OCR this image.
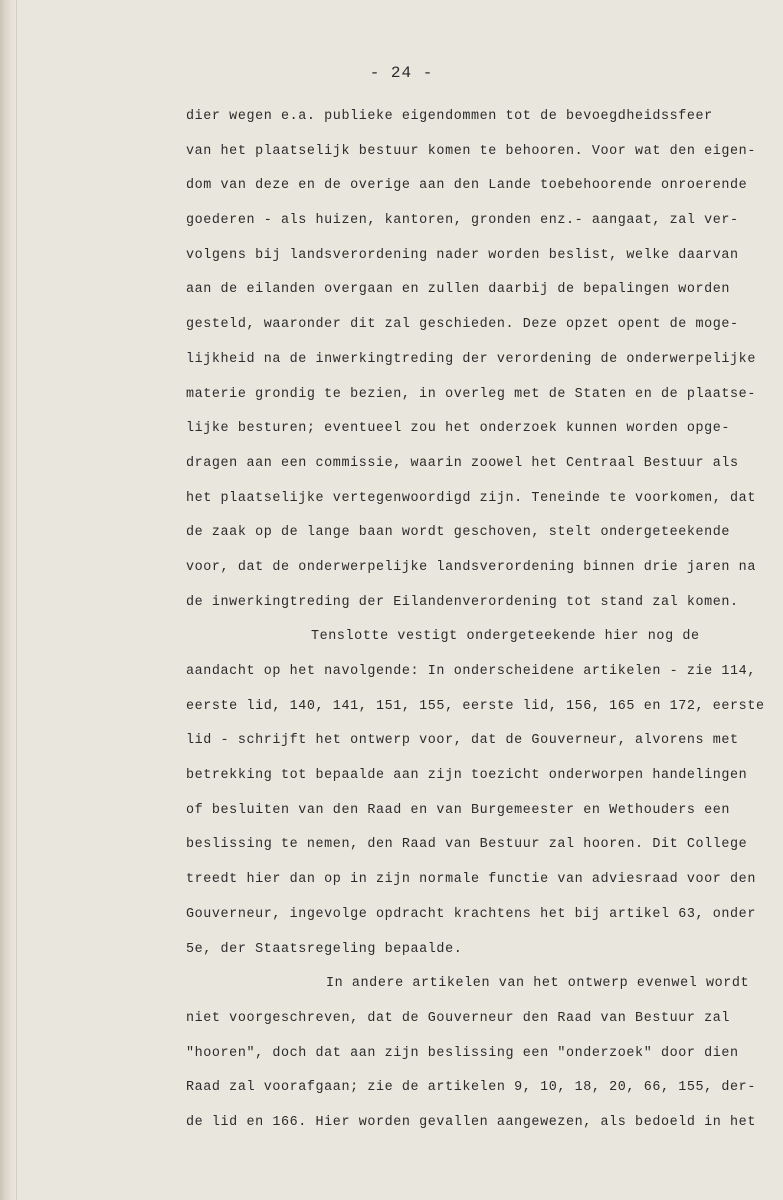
- 24 -
dier wegen e.a. publieke eigendommen tot de bevoegdheidssfeer
van het plaatselijk bestuur komen te behooren. Voor wat den eigen-
dom van deze en de overige aan den Lande toebehoorende onroerende
goederen - als huizen, kantoren, gronden enz.- aangaat, zal ver-
volgens bij landsverordening nader worden beslist, welke daarvan
aan de eilanden overgaan en zullen daarbij de bepalingen worden
gesteld, waaronder dit zal geschieden. Deze opzet opent de moge-
lijkheid na de inwerkingtreding der verordening de onderwerpelijke
materie grondig te bezien, in overleg met de Staten en de plaatse-
lijke besturen; eventueel zou het onderzoek kunnen worden opge-
dragen aan een commissie, waarin zoowel het Centraal Bestuur als
het plaatselijke vertegenwoordigd zijn. Teneinde te voorkomen, dat
de zaak op de lange baan wordt geschoven, stelt ondergeteekende
voor, dat de onderwerpelijke landsverordening binnen drie jaren na
de inwerkingtreding der Eilandenverordening tot stand zal komen.
Tenslotte vestigt ondergeteekende hier nog de
aandacht op het navolgende: In onderscheidene artikelen - zie 114,
eerste lid, 140, 141, 151, 155, eerste lid, 156, 165 en 172, eerste
lid - schrijft het ontwerp voor, dat de Gouverneur, alvorens met
betrekking tot bepaalde aan zijn toezicht onderworpen handelingen
of besluiten van den Raad en van Burgemeester en Wethouders een
beslissing te nemen, den Raad van Bestuur zal hooren. Dit College
treedt hier dan op in zijn normale functie van adviesraad voor den
Gouverneur, ingevolge opdracht krachtens het bij artikel 63, onder
5e, der Staatsregeling bepaalde.
In andere artikelen van het ontwerp evenwel wordt
niet voorgeschreven, dat de Gouverneur den Raad van Bestuur zal
"hooren", doch dat aan zijn beslissing een "onderzoek" door dien
Raad zal voorafgaan; zie de artikelen 9, 10, 18, 20, 66, 155, der-
de lid en 166. Hier worden gevallen aangewezen, als bedoeld in het
